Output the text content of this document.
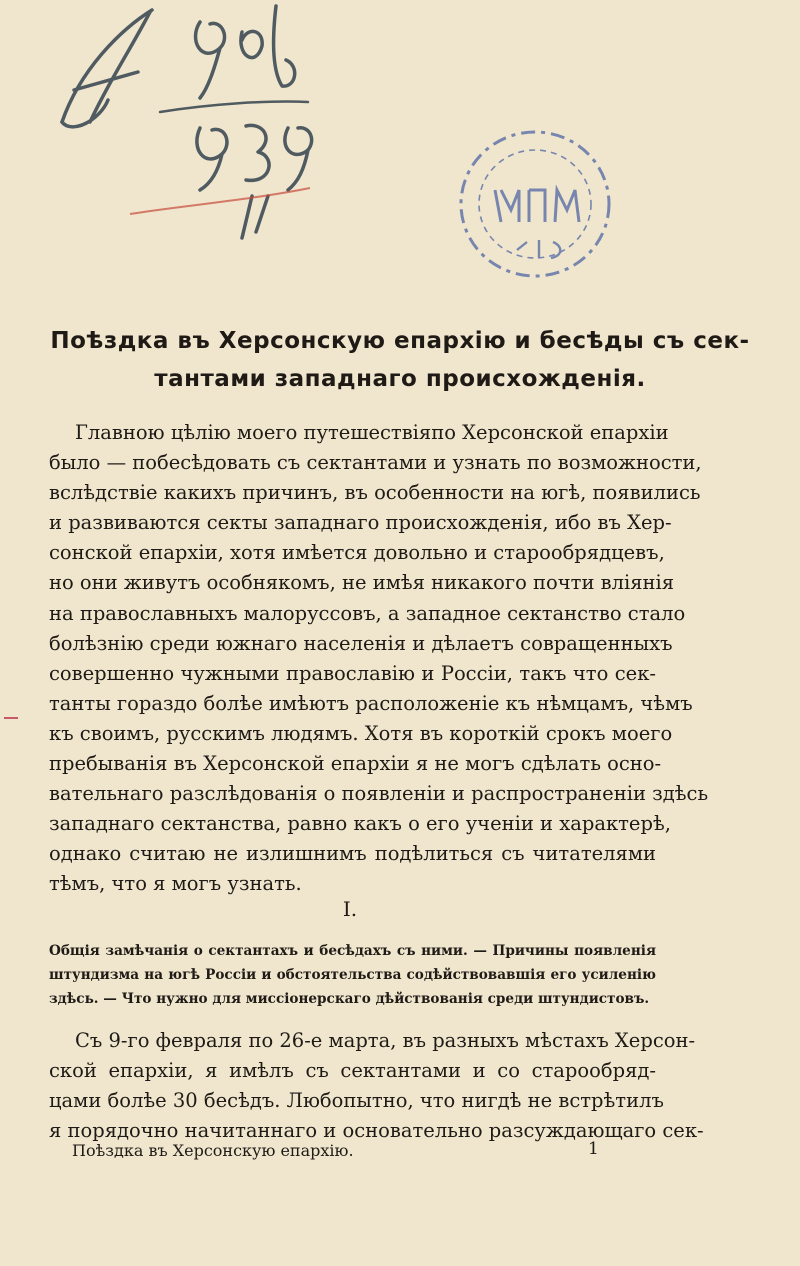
Поѣздка въ Херсонскую епархію и бесѣды съ сек-
тантами западнаго происхожденія.
Главною цѣлію моего путешествіяпо Херсонской епархіи
было — побесѣдовать съ сектантами и узнать по возможности,
вслѣдствіе какихъ причинъ, въ особенности на югѣ, появились
и развиваются секты западнаго происхожденія, ибо въ Хер-
сонской епархіи, хотя имѣется довольно и старообрядцевъ,
но они живутъ особнякомъ, не имѣя никакого почти вліянія
на православныхъ малоруссовъ, а западное сектанство стало
болѣзнію среди южнаго населенія и дѣлаетъ совращенныхъ
совершенно чужными православію и Россіи, такъ что сек-
танты гораздо болѣе имѣютъ расположеніе къ нѣмцамъ, чѣмъ
къ своимъ, русскимъ людямъ. Хотя въ короткій срокъ моего
пребыванія въ Херсонской епархіи я не могъ сдѣлать осно-
вательнаго разслѣдованія о появленіи и распространеніи здѣсь
западнаго сектанства, равно какъ о его ученіи и характерѣ,
однако считаю не излишнимъ подѣлиться съ читателями
тѣмъ, что я могъ узнать.

I.

Общія замѣчанія о сектантахъ и бесѣдахъ съ ними. — Причины появленія
штундизма на югѣ Россіи и обстоятельства содѣйствовавшія его усиленію
здѣсь. — Что нужно для миссіонерскаго дѣйствованія среди штундистовъ.
Съ 9-го февраля по 26-е марта, въ разныхъ мѣстахъ Херсон-
ской епархіи, я имѣлъ съ сектантами и со старообряд-
цами болѣе 30 бесѣдъ. Любопытно, что нигдѣ не встрѣтилъ
я порядочно начитаннаго и основательно разсуждающаго сек-

Поѣздка въ Херсонскую епархію.	1
